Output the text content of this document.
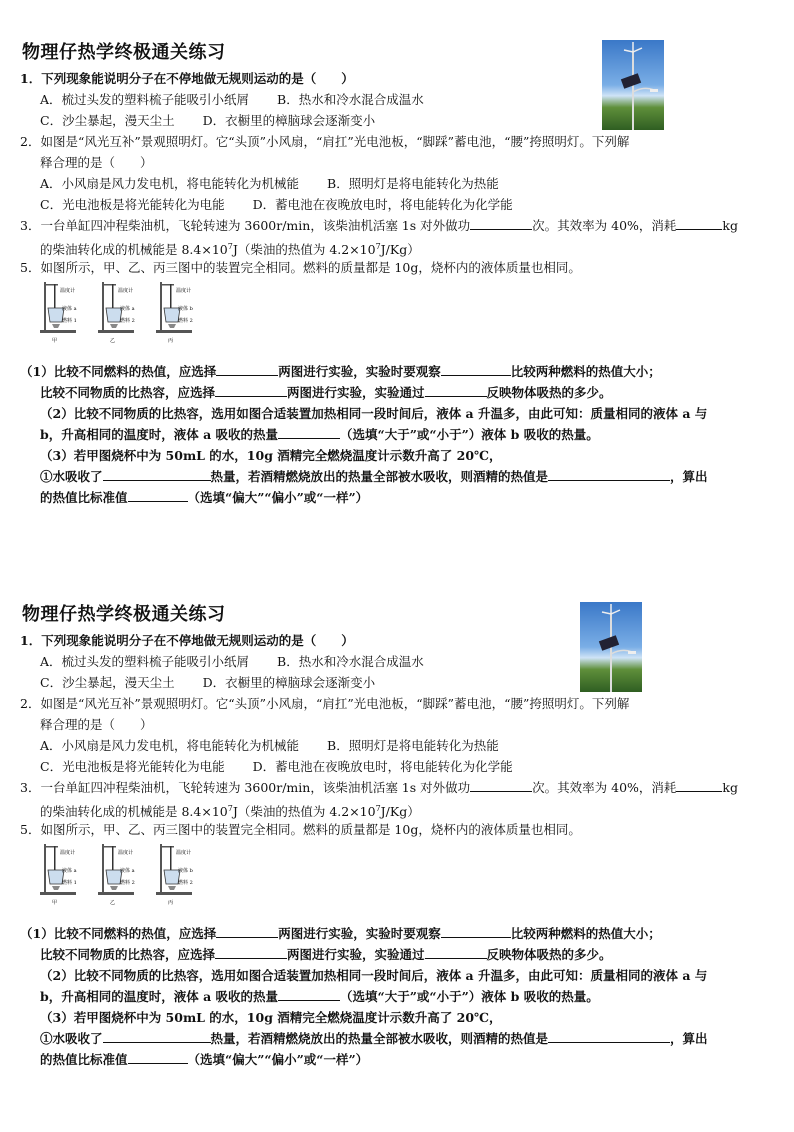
物理仔热学终极通关练习
1．下列现象能说明分子在不停地做无规则运动的是（　　）
A．梳过头发的塑料梳子能吸引小纸屑 B．热水和冷水混合成温水
C．沙尘暴起，漫天尘土 D．衣橱里的樟脑球会逐渐变小
2．如图是“风光互补”景观照明灯。它“头顶”小风扇，“肩扛”光电池板，“脚踩”蓄电池，“腰”挎照明灯。下列解
释合理的是（　　）
A．小风扇是风力发电机，将电能转化为机械能 B．照明灯是将电能转化为热能
C．光电池板是将光能转化为电能 D．蓄电池在夜晚放电时，将电能转化为化学能
3．一台单缸四冲程柴油机，飞轮转速为 3600r/min，该柴油机活塞 1s 对外做功	次。其效率为 40%，消耗	kg
的柴油转化成的机械能是 $8.4\times 10^7J$（柴油的热值为 $4.2\times 10^7J/Kg$）
5．如图所示，甲、乙、丙三图中的装置完全相同。燃料的质量都是 10g，烧杯内的液体质量也相同。
温度计
液体 a
燃料 1
甲
温度计
液体 a
燃料 2
乙
温度计
液体 b
燃料 2
丙
（1）比较不同燃料的热值，应选择	两图进行实验，实验时要观察	比较两种燃料的热值大小；
比较不同物质的比热容，应选择	两图进行实验，实验通过	反映物体吸热的多少。
（2）比较不同物质的比热容，选用如图合适装置加热相同一段时间后，液体 a 升温多，由此可知：质量相同的液体 a 与
b，升高相同的温度时，液体 a 吸收的热量	（选填“大于”或“小于”）液体 b 吸收的热量。
（3）若甲图烧杯中为 50mL 的水，10g 酒精完全燃烧温度计示数升高了 20℃，
①水吸收了	热量，若酒精燃烧放出的热量全部被水吸收，则酒精的热值是	，算出
的热值比标准值	（选填“偏大”“偏小”或“一样”）
物理仔热学终极通关练习
1．下列现象能说明分子在不停地做无规则运动的是（　　）
A．梳过头发的塑料梳子能吸引小纸屑 B．热水和冷水混合成温水
C．沙尘暴起，漫天尘土 D．衣橱里的樟脑球会逐渐变小
2．如图是“风光互补”景观照明灯。它“头顶”小风扇，“肩扛”光电池板，“脚踩”蓄电池，“腰”挎照明灯。下列解
释合理的是（　　）
A．小风扇是风力发电机，将电能转化为机械能 B．照明灯是将电能转化为热能
C．光电池板是将光能转化为电能 D．蓄电池在夜晚放电时，将电能转化为化学能
3．一台单缸四冲程柴油机，飞轮转速为 3600r/min，该柴油机活塞 1s 对外做功	次。其效率为 40%，消耗	kg
的柴油转化成的机械能是 $8.4\times 10^7J$（柴油的热值为 $4.2\times 10^7J/Kg$）
5．如图所示，甲、乙、丙三图中的装置完全相同。燃料的质量都是 10g，烧杯内的液体质量也相同。
温度计
液体 a
燃料 1
甲
温度计
液体 a
燃料 2
乙
温度计
液体 b
燃料 2
丙
（1）比较不同燃料的热值，应选择	两图进行实验，实验时要观察	比较两种燃料的热值大小；
比较不同物质的比热容，应选择	两图进行实验，实验通过	反映物体吸热的多少。
（2）比较不同物质的比热容，选用如图合适装置加热相同一段时间后，液体 a 升温多，由此可知：质量相同的液体 a 与
b，升高相同的温度时，液体 a 吸收的热量	（选填“大于”或“小于”）液体 b 吸收的热量。
（3）若甲图烧杯中为 50mL 的水，10g 酒精完全燃烧温度计示数升高了 20℃，
①水吸收了	热量，若酒精燃烧放出的热量全部被水吸收，则酒精的热值是	，算出
的热值比标准值	（选填“偏大”“偏小”或“一样”）
